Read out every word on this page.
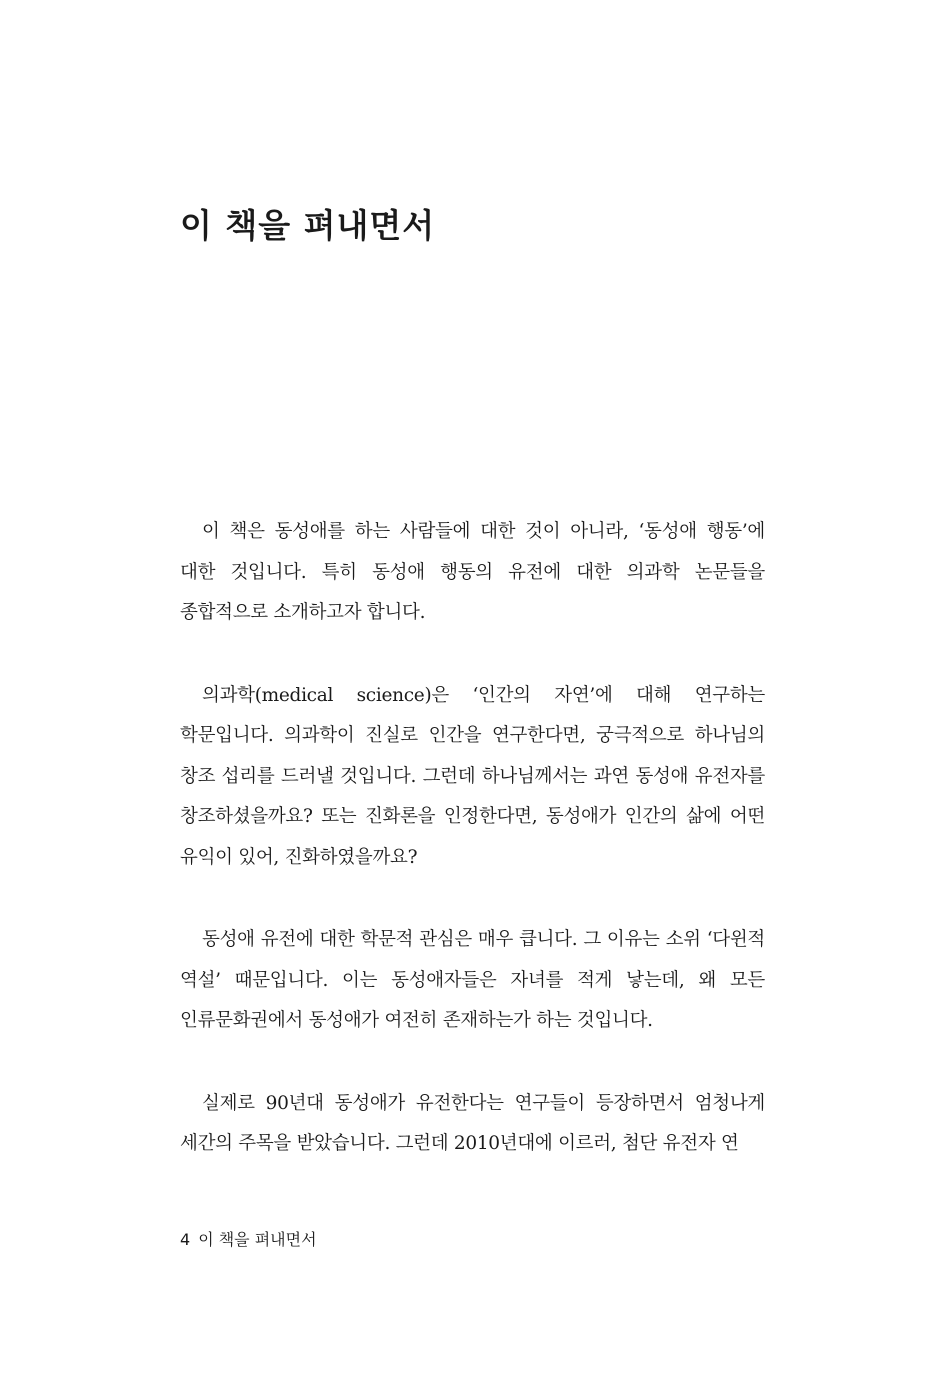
이 책을 펴내면서

이 책은 동성애를 하는 사람들에 대한 것이 아니라, ‘동성애 행동’에 대한 것입니다. 특히 동성애 행동의 유전에 대한 의과학 논문들을 종합적으로 소개하고자 합니다.

의과학(medical science)은 ‘인간의 자연’에 대해 연구하는 학문입니다. 의과학이 진실로 인간을 연구한다면, 궁극적으로 하나님의 창조 섭리를 드러낼 것입니다. 그런데 하나님께서는 과연 동성애 유전자를 창조하셨을까요? 또는 진화론을 인정한다면, 동성애가 인간의 삶에 어떤 유익이 있어, 진화하였을까요?

동성애 유전에 대한 학문적 관심은 매우 큽니다. 그 이유는 소위 ‘다윈적 역설’ 때문입니다. 이는 동성애자들은 자녀를 적게 낳는데, 왜 모든 인류문화권에서 동성애가 여전히 존재하는가 하는 것입니다.

실제로 90년대 동성애가 유전한다는 연구들이 등장하면서 엄청나게 세간의 주목을 받았습니다. 그런데 2010년대에 이르러, 첨단 유전자 연

4 이 책을 펴내면서
